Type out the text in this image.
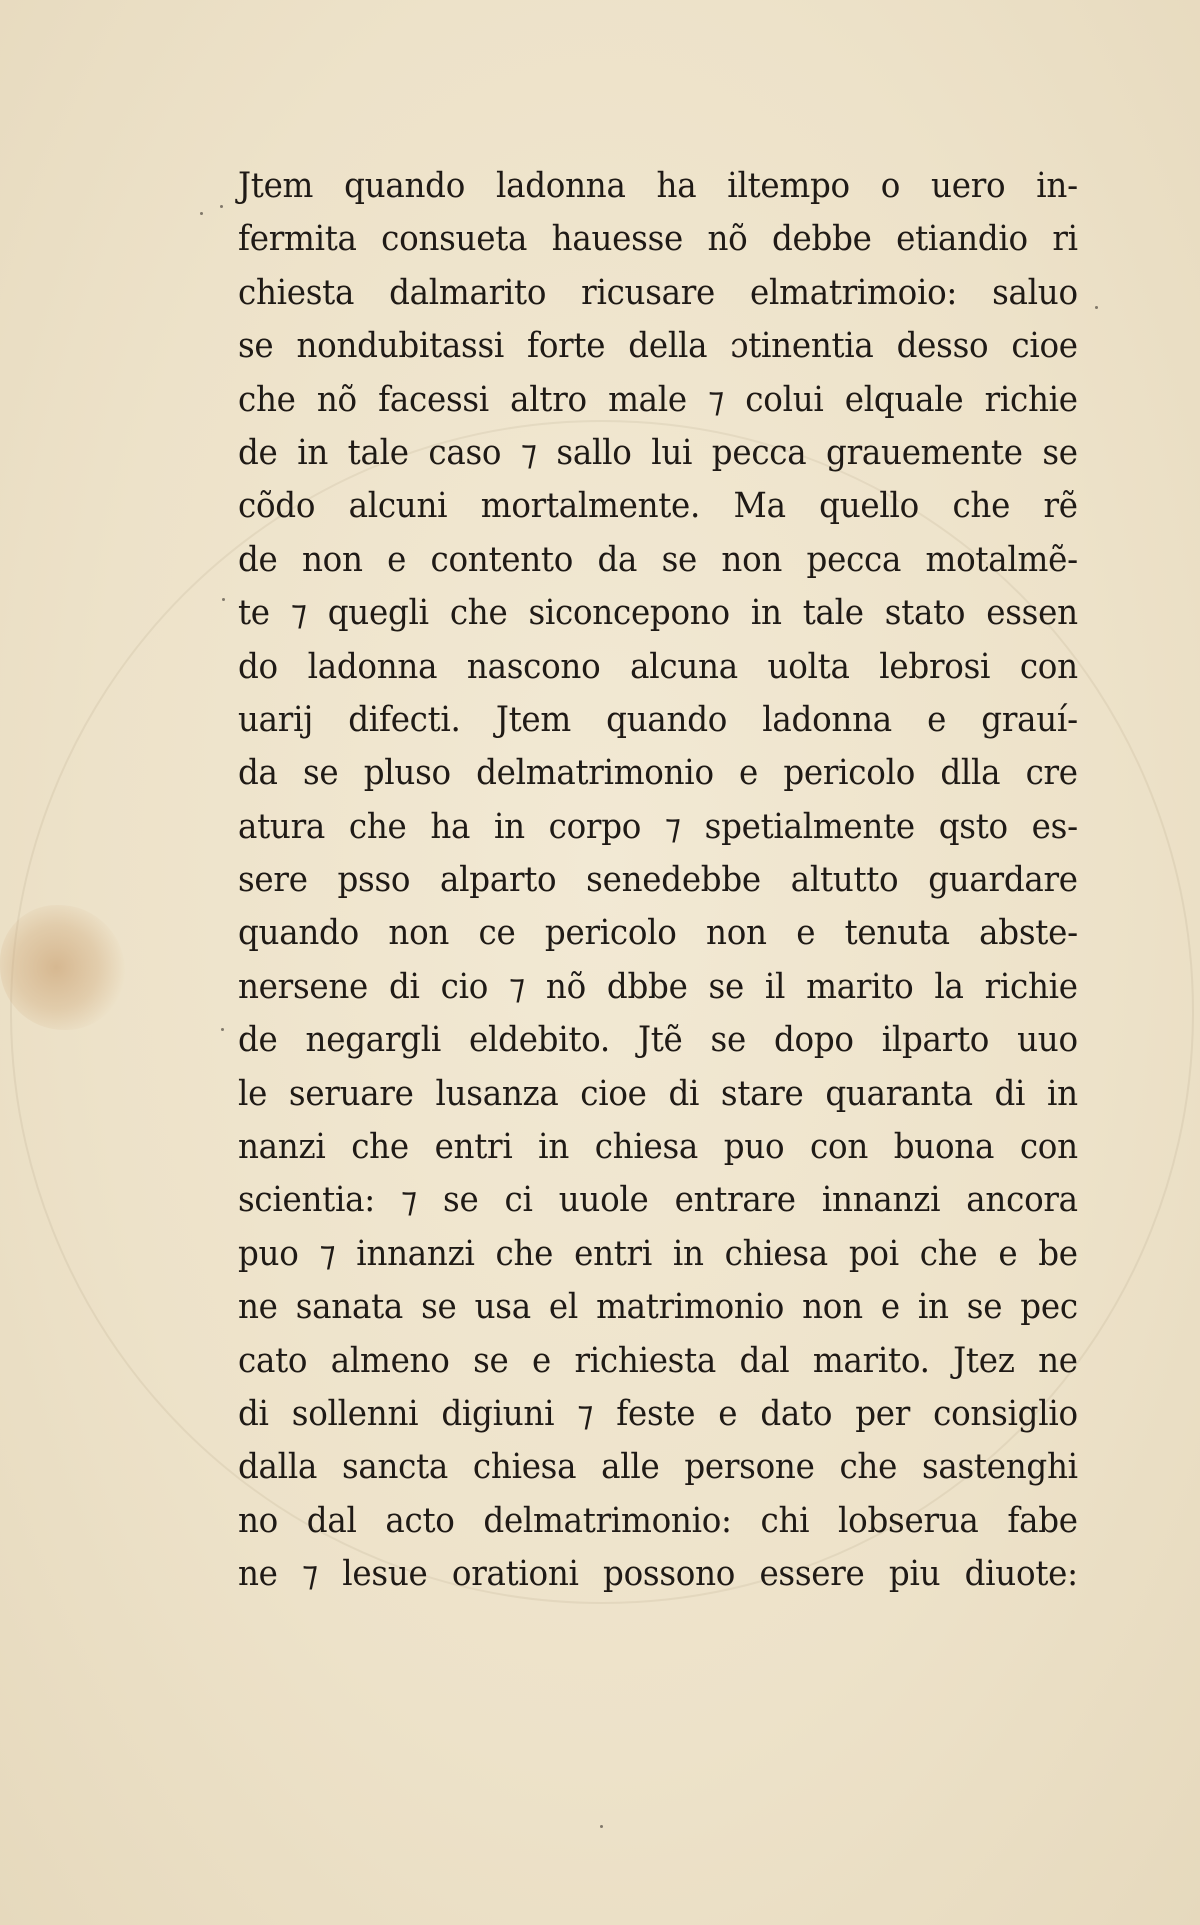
Jtem quando ladonna ha iltempo o uero in-
fermita consueta hauesse nõ debbe etiandio ri
chiesta dalmarito ricusare elmatrimoio: saluo
se nondubitassi forte della ɔtinentia desso cioe
che nõ facessi altro male ⁊ colui elquale richie
de in tale caso ⁊ sallo lui pecca grauemente se
cõdo alcuni mortalmente. Ma quello che rẽ
de non e contento da se non pecca motalmẽ-
te ⁊ quegli che siconcepono in tale stato essen
do ladonna nascono alcuna uolta lebrosi con
uarij difecti. Jtem quando ladonna e grauí-
da se pluso delmatrimonio e pericolo dlla cre
atura che ha in corpo ⁊ spetialmente qsto es-
sere psso alparto senedebbe altutto guardare
quando non ce pericolo non e tenuta abste-
nersene di cio ⁊ nõ dbbe se il marito la richie
de negargli eldebito. Jtẽ se dopo ilparto uuo
le seruare lusanza cioe di stare quaranta di in
nanzi che entri in chiesa puo con buona con
scientia: ⁊ se ci uuole entrare innanzi ancora
puo ⁊ innanzi che entri in chiesa poi che e be
ne sanata se usa el matrimonio non e in se pec
cato almeno se e richiesta dal marito. Jtez ne
di sollenni digiuni ⁊ feste e dato per consiglio
dalla sancta chiesa alle persone che sastenghi
no dal acto delmatrimonio: chi lobserua fabe
ne ⁊ lesue orationi possono essere piu diuote:
